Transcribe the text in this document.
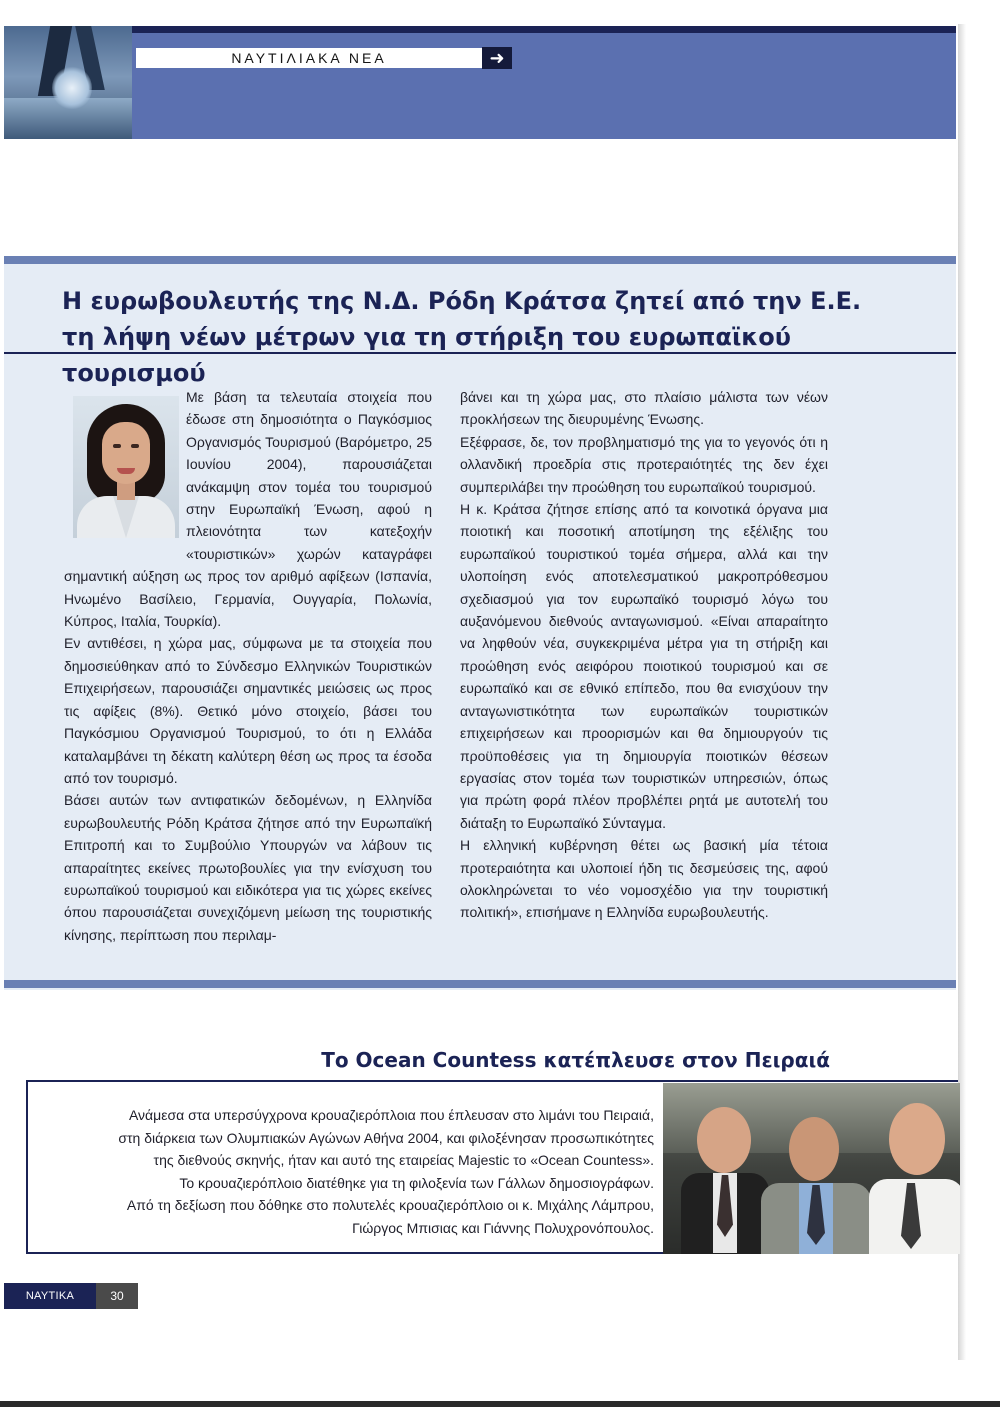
ΝΑΥΤΙΛΙΑΚΑ ΝΕΑ	➜
Η ευρωβουλευτής της Ν.Δ. Ρόδη Κράτσα ζητεί από την Ε.Ε.
τη λήψη νέων μέτρων για τη στήριξη του ευρωπαϊκού τουρισμού

Με βάση τα τελευταία στοιχεία που έδωσε στη δημοσιότητα ο Παγκόσμιος Οργανισμός Τουρισμού (Βαρόμετρο, 25 Ιουνίου 2004), παρουσιάζεται ανάκαμψη στον τομέα του τουρισμού στην Ευρωπαϊκή Ένωση, αφού η πλειονότητα των κατεξοχήν «τουριστικών» χωρών καταγράφει σημαντική αύξηση ως προς τον αριθμό αφίξεων (Ισπανία, Ηνωμένο Βασίλειο, Γερμανία, Ουγγαρία, Πολωνία, Κύπρος, Ιταλία, Τουρκία).

Εν αντιθέσει, η χώρα μας, σύμφωνα με τα στοιχεία που δημοσιεύθηκαν από το Σύνδεσμο Ελληνικών Τουριστικών Επιχειρήσεων, παρουσιάζει σημαντικές μειώσεις ως προς τις αφίξεις (8%). Θετικό μόνο στοιχείο, βάσει του Παγκόσμιου Οργανισμού Τουρισμού, το ότι η Ελλάδα καταλαμβάνει τη δέκατη καλύτερη θέση ως προς τα έσοδα από τον τουρισμό.

Βάσει αυτών των αντιφατικών δεδομένων, η Ελληνίδα ευρωβουλευτής Ρόδη Κράτσα ζήτησε από την Ευρωπαϊκή Επιτροπή και το Συμβούλιο Υπουργών να λάβουν τις απαραίτητες εκείνες πρωτοβουλίες για την ενίσχυση του ευρωπαϊκού τουρισμού και ειδικότερα για τις χώρες εκείνες όπου παρουσιάζεται συνεχιζόμενη μείωση της τουριστικής κίνησης, περίπτωση που περιλαμ-

βάνει και τη χώρα μας, στο πλαίσιο μάλιστα των νέων προκλήσεων της διευρυμένης Ένωσης.

Εξέφρασε, δε, τον προβληματισμό της για το γεγονός ότι η ολλανδική προεδρία στις προτεραιότητές της δεν έχει συμπεριλάβει την προώθηση του ευρωπαϊκού τουρισμού.

Η κ. Κράτσα ζήτησε επίσης από τα κοινοτικά όργανα μια ποιοτική και ποσοτική αποτίμηση της εξέλιξης του ευρωπαϊκού τουριστικού τομέα σήμερα, αλλά και την υλοποίηση ενός αποτελεσματικού μακροπρόθεσμου σχεδιασμού για τον ευρωπαϊκό τουρισμό λόγω του αυξανόμενου διεθνούς ανταγωνισμού. «Είναι απαραίτητο να ληφθούν νέα, συγκεκριμένα μέτρα για τη στήριξη και προώθηση ενός αειφόρου ποιοτικού τουρισμού και σε ευρωπαϊκό και σε εθνικό επίπεδο, που θα ενισχύουν την ανταγωνιστικότητα των ευρωπαϊκών τουριστικών επιχειρήσεων και προορισμών και θα δημιουργούν τις προϋποθέσεις για τη δημιουργία ποιοτικών θέσεων εργασίας στον τομέα των τουριστικών υπηρεσιών, όπως για πρώτη φορά πλέον προβλέπει ρητά με αυτοτελή του διάταξη το Ευρωπαϊκό Σύνταγμα.

Η ελληνική κυβέρνηση θέτει ως βασική μία τέτοια προτεραιότητα και υλοποιεί ήδη τις δεσμεύσεις της, αφού ολοκληρώνεται το νέο νομοσχέδιο για την τουριστική πολιτική», επισήμανε η Ελληνίδα ευρωβουλευτής.

Το Ocean Countess κατέπλευσε στον Πειραιά

Ανάμεσα στα υπερσύγχρονα κρουαζιερόπλοια που έπλευσαν στο λιμάνι του Πειραιά,
στη διάρκεια των Ολυμπιακών Αγώνων Αθήνα 2004, και φιλοξένησαν προσωπικότητες
της διεθνούς σκηνής, ήταν και αυτό της εταιρείας Majestic το «Ocean Countess».
Το κρουαζιερόπλοιο διατέθηκε για τη φιλοξενία των Γάλλων δημοσιογράφων.
Από τη δεξίωση που δόθηκε στο πολυτελές κρουαζιερόπλοιο οι κ. Μιχάλης Λάμπρου,
Γιώργος Μπισιας και Γιάννης Πολυχρονόπουλος.

ΝΑΥΤΙΚΑ ΧΡΟΝΙΚΑ
30
